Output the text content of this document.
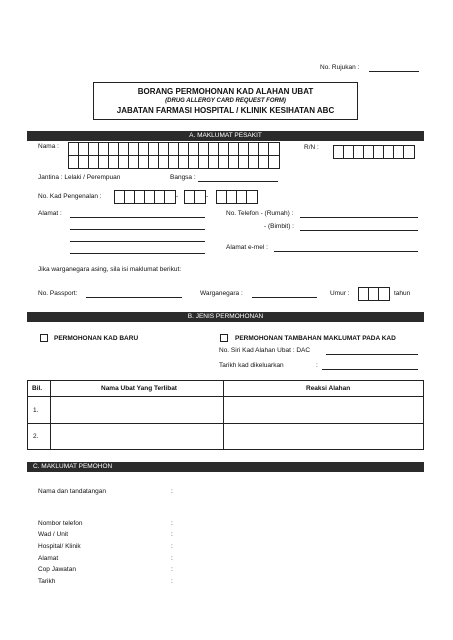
No. Rujukan :
BORANG PERMOHONAN KAD ALAHAN UBAT
(DRUG ALLERGY CARD REQUEST FORM)
JABATAN FARMASI HOSPITAL / KLINIK KESIHATAN ABC
A. MAKLUMAT PESAKIT
Nama :	R/N :
Jantina : Lelaki / Perempuan	Bangsa :
No. Kad Pengenalan :	-	-
Alamat :	No. Telefon - (Rumah) :
- (Bimbit) :
Alamat e-mel :
Jika warganegara asing, sila isi maklumat berikut:
No. Passport:	Warganegara :	Umur :	tahun
B. JENIS PERMOHONAN
PERMOHONAN KAD BARU	PERMOHONAN TAMBAHAN MAKLUMAT PADA KAD
No. Siri Kad Alahan Ubat : DAC
Tarikh kad dikeluarkan	:
Bil.	Nama Ubat Yang Terlibat	Reaksi Alahan
1.
2.
C. MAKLUMAT PEMOHON
Nama dan tandatangan	:
Nombor telefon	:
Wad / Unit	:
Hospital/ Klinik	:
Alamat	:
Cop Jawatan	:
Tarikh	:
